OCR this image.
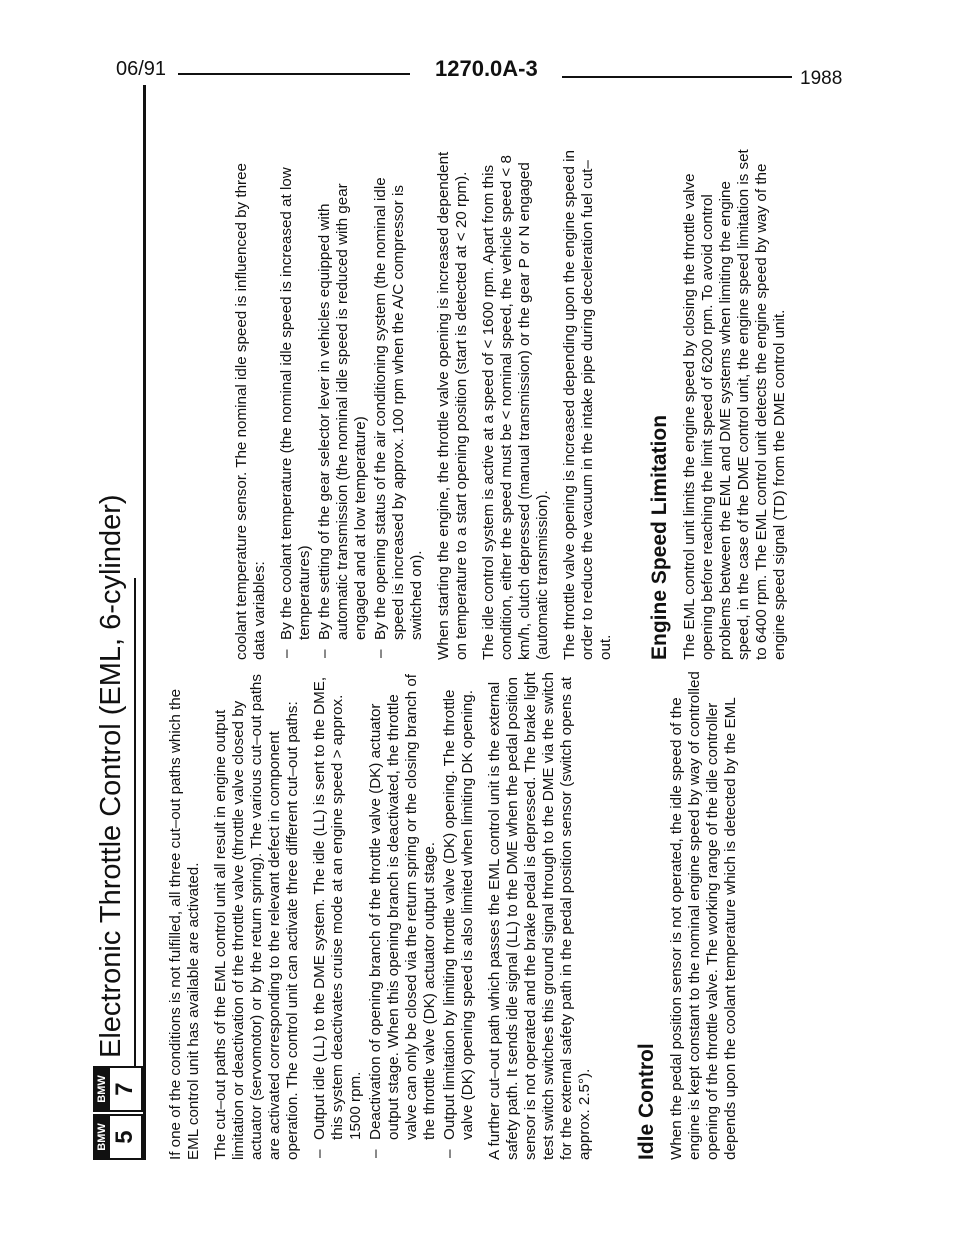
06/91	1270.0A-3	1988
BMW 5
BMW 7
Electronic Throttle Control (EML, 6-cylinder)	If one of the conditions is not fulfilled, all three cut–out paths which the EML control unit has available are activated. The cut–out paths of the EML control unit all result in engine output limitation or deactivation of the throttle valve (throttle valve closed by actuator (servomotor) or by the return spring). The various cut–out paths are activated corresponding to the relevant defect in component operation. The control unit can activate three different cut–out paths: – Output idle (LL) to the DME system. The idle (LL) is sent to the DME, this system deactivates cruise mode at an engine speed > approx. 1500 rpm. – Deactivation of opening branch of the throttle valve (DK) actuator output stage. When this opening branch is deactivated, the throttle valve can only be closed via the return spring or the closing branch of the throttle valve (DK) actuator output stage. – Output limitation by limiting throttle valve (DK) opening. The throttle valve (DK) opening speed is also limited when limiting DK opening. A further cut–out path which passes the EML control unit is the external safety path. It sends idle signal (LL) to the DME when the pedal position sensor is not operated and the brake pedal is depressed. The brake light test switch switches this ground signal through to the DME via the switch for the external safety path in the pedal position sensor (switch opens at approx. 2.5°). Idle Control When the pedal position sensor is not operated, the idle speed of the engine is kept constant to the nominal engine speed by way of controlled opening of the throttle valve. The working range of the idle controller depends upon the coolant temperature which is detected by the EML

coolant temperature sensor. The nominal idle speed is influenced by three data variables: – By the coolant temperature (the nominal idle speed is increased at low temperatures) – By the setting of the gear selector lever in vehicles equipped with automatic transmission (the nominal idle speed is reduced with gear engaged and at low temperature) – By the opening status of the air conditioning system (the nominal idle speed is increased by approx. 100 rpm when the A/C compressor is switched on). When starting the engine, the throttle valve opening is increased dependent on temperature to a start opening position (start is detected at < 20 rpm). The idle control system is active at a speed of < 1600 rpm. Apart from this condition, either the speed must be < nominal speed, the vehicle speed < 8 km/h, clutch depressed (manual transmission) or the gear P or N engaged (automatic transmission). The throttle valve opening is increased depending upon the engine speed in order to reduce the vacuum in the intake pipe during deceleration fuel cut–out. Engine Speed Limitation The EML control unit limits the engine speed by closing the throttle valve opening before reaching the limit speed of 6200 rpm. To avoid control problems between the EML and DME systems when limiting the engine speed, in the case of the DME control unit, the engine speed limitation is set to 6400 rpm. The EML control unit detects the engine speed by way of the engine speed signal (TD) from the DME control unit.
